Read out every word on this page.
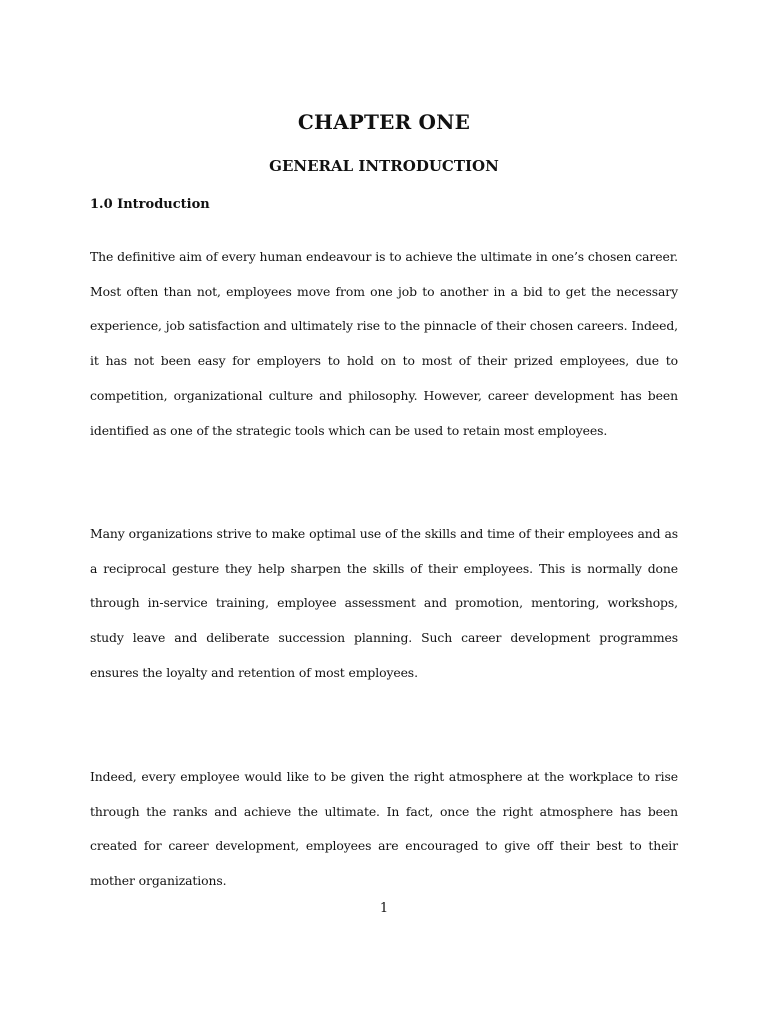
CHAPTER ONE
GENERAL INTRODUCTION
1.0 Introduction

The definitive aim of every human endeavour is to achieve the ultimate in one’s chosen career. Most often than not, employees move from one job to another in a bid to get the necessary experience, job satisfaction and ultimately rise to the pinnacle of their chosen careers. Indeed, it has not been easy for employers to hold on to most of their prized employees, due to competition, organizational culture and philosophy. However, career development has been identified as one of the strategic tools which can be used to retain most employees.

Many organizations strive to make optimal use of the skills and time of their employees and as a reciprocal gesture they help sharpen the skills of their employees. This is normally done through in-service training, employee assessment and promotion, mentoring, workshops, study leave and deliberate succession planning. Such career development programmes ensures the loyalty and retention of most employees.

Indeed, every employee would like to be given the right atmosphere at the workplace to rise through the ranks and achieve the ultimate. In fact, once the right atmosphere has been created for career development, employees are encouraged to give off their best to their mother organizations.

1
